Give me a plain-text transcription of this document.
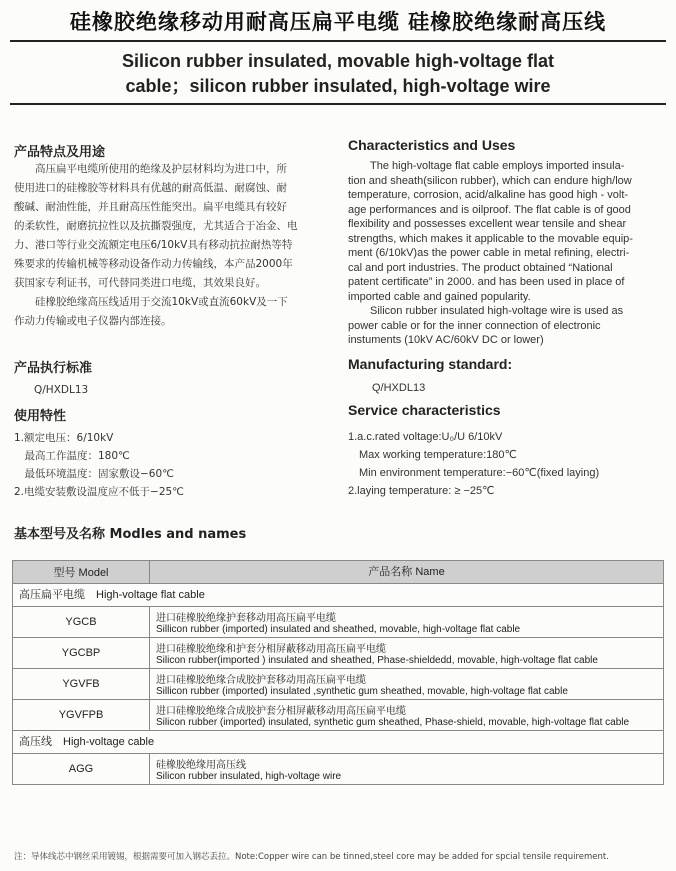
硅橡胶绝缘移动用耐高压扁平电缆 硅橡胶绝缘耐高压线
Silicon rubber insulated, movable high-voltage flat
cable；silicon rubber insulated, high-voltage wire
产品特点及用途
　　高压扁平电缆所使用的绝缘及护层材料均为进口中，所
使用进口的硅橡胶等材料具有优越的耐高低温、耐腐蚀、耐
酸碱、耐油性能，并且耐高压性能突出。扁平电缆具有较好
的柔软性，耐磨抗拉性以及抗撕裂强度，尤其适合于冶金、电
力、港口等行业交流额定电压6/10kV具有移动抗拉耐热等特
殊要求的传输机械等移动设备作动力传输线，本产品2000年
获国家专利证书，可代替同类进口电缆，其效果良好。
　　硅橡胶绝缘高压线适用于交流10kV或直流60kV及一下
作动力传输或电子仪器内部连接。
产品执行标准
Q/HXDL13
使用特性
1.额定电压：6/10kV
　最高工作温度：180℃
　最低环境温度：固家敷设−60℃
2.电缆安装敷设温度应不低于−25℃
Characteristics and Uses
　　The high-voltage flat cable employs imported insula-
tion and sheath(silicon rubber), which can endure high/low
temperature, corrosion, acid/alkaline has good high - volt-
age performances and is oilproof. The flat cable is of good
flexibility and possesses excellent wear tensile and shear
strengths, which makes it applicable to the movable equip-
ment (6/10kV)as the power cable in metal refining, electri-
cal and port industries. The product obtained “National
patent certificate” in 2000. and has been used in place of
imported cable and gained popularity.
　　Silicon rubber insulated high-voltage wire is used as
power cable or for the inner connection of electronic
instuments (10kV AC/60kV DC or lower)
Manufacturing standard:
Q/HXDL13
Service characteristics
1.a.c.rated voltage:U₀/U 6/10kV
　Max working temperature:180℃
　Min environment temperature:−60℃(fixed laying)
2.laying temperature: ≥ −25℃
基本型号及名称 Modles and names
型号 Model	产品名称 Name
高压扁平电缆　High-voltage flat cable	
YGCB	进口硅橡胶绝缘护套移动用高压扁平电缆
Sillicon rubber (imported) insulated and sheathed, movable, high-voltage flat cable

YGCBP	进口硅橡胶绝缘和护套分相屏蔽移动用高压扁平电缆
Silicon rubber(imported ) insulated and sheathed, Phase-shieldedd, movable, high-voltage flat cable

YGVFB	进口硅橡胶绝缘合成胶护套移动用高压扁平电缆
Sillicon rubber (imported) insulated ,synthetic gum sheathed, movable, high-voltage flat cable

YGVFPB	进口硅橡胶绝缘合成胶护套分相屏蔽移动用高压扁平电缆
Silicon rubber (imported) insulated, synthetic gum sheathed, Phase-shield, movable, high-voltage flat cable

高压线　High-voltage cable	
AGG	硅橡胶绝缘用高压线
Silicon rubber insulated, high-voltage wire
注：导体线芯中钢丝采用镀锡，根据需要可加入钢芯丢拉。Note:Copper wire can be tinned,steel core may be added for spcial tensile requirement.
